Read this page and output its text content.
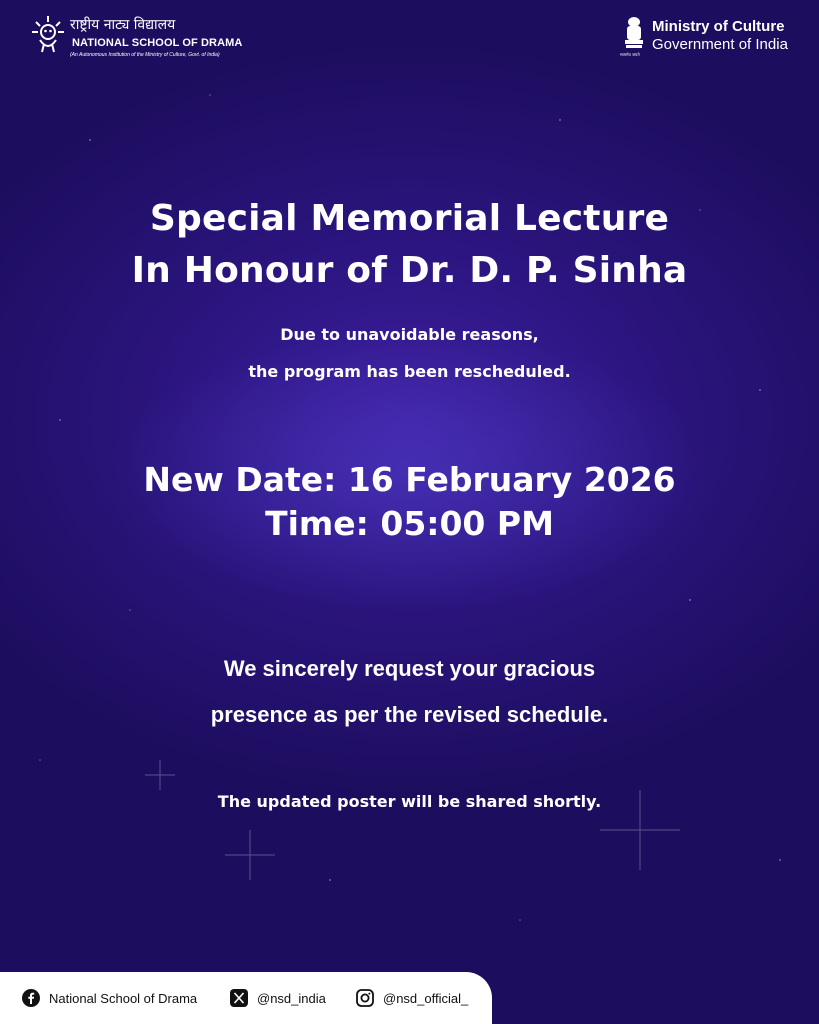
राष्ट्रीय नाट्य विद्यालय
NATIONAL SCHOOL OF DRAMA
(An Autonomous Institution of the Ministry of Culture, Govt. of India)
Ministry of Culture
Government of India
सत्यमेव जयते
Special Memorial Lecture
In Honour of Dr. D. P. Sinha
Due to unavoidable reasons,
the program has been rescheduled.
New Date: 16 February 2026
Time: 05:00 PM
We sincerely request your gracious
presence as per the revised schedule.
The updated poster will be shared shortly.
National School of Drama	@nsd_india	@nsd_official_
